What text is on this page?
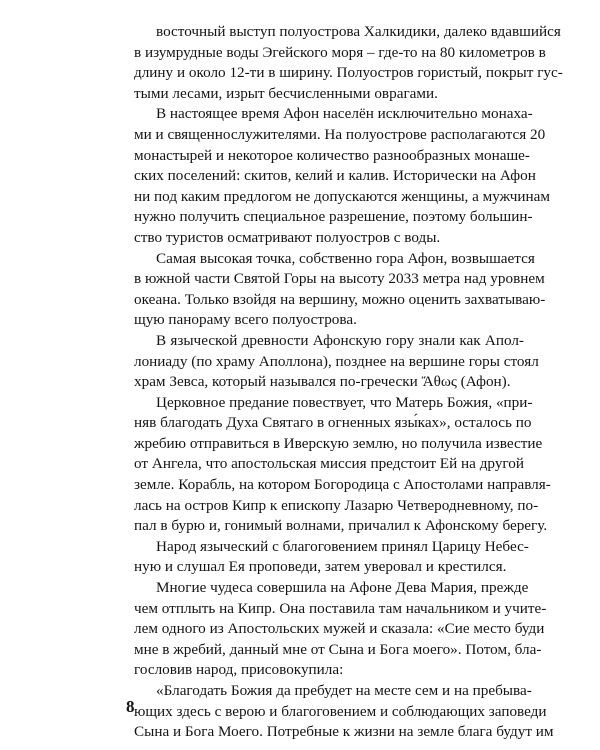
восточный выступ полуострова Халкидики, далеко вдавшийся
в изумрудные воды Эгейского моря – где-то на 80 километров в
длину и около 12-ти в ширину. Полуостров гористый, покрыт гус-
тыми лесами, изрыт бесчисленными оврагами.

В настоящее время Афон населён исключительно монаха-
ми и священнослужителями. На полуострове располагаются 20
монастырей и некоторое количество разнообразных монаше-
ских поселений: скитов, келий и калив. Исторически на Афон
ни под каким предлогом не допускаются женщины, а мужчинам
нужно получить специальное разрешение, поэтому большин-
ство туристов осматривают полуостров с воды.

Самая высокая точка, собственно гора Афон, возвышается
в южной части Святой Горы на высоту 2033 метра над уровнем
океана. Только взойдя на вершину, можно оценить захватываю-
щую панораму всего полуострова.

В языческой древности Афонскую гору знали как Апол-
лониаду (по храму Аполлона), позднее на вершине горы стоял
храм Зевса, который назывался по-гречески Ἄθως (Афон).

Церковное предание повествует, что Матерь Божия, «при-
няв благодать Духа Святаго в огненных язы́ках», осталось по
жребию отправиться в Иверскую землю, но получила известие
от Ангела, что апостольская миссия предстоит Ей на другой
земле. Корабль, на котором Богородица с Апостолами направля-
лась на остров Кипр к епископу Лазарю Четверодневному, по-
пал в бурю и, гонимый волнами, причалил к Афонскому берегу.

Народ языческий с благоговением принял Царицу Небес-
ную и слушал Ея проповеди, затем уверовал и крестился.

Многие чудеса совершила на Афоне Дева Мария, прежде
чем отплыть на Кипр. Она поставила там начальником и учите-
лем одного из Апостольских мужей и сказала: «Сие место буди
мне в жребий, данный мне от Сына и Бога моего». Потом, бла-
гословив народ, присовокупила:

«Благодать Божия да пребудет на месте сем и на пребыва-
ющих здесь с верою и благоговением и соблюдающих заповеди
Сына и Бога Моего. Потребные к жизни на земле блага будут им

8
